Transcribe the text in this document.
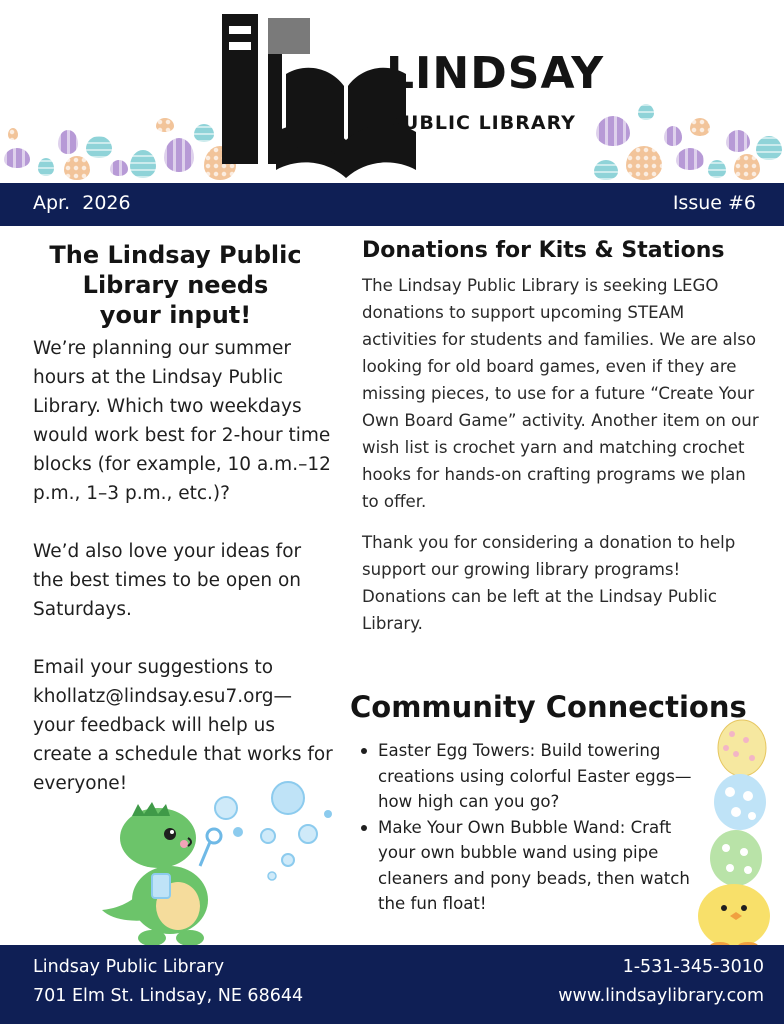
LINDSAY
PUBLIC LIBRARY
Apr.  2026	Issue #6
The Lindsay Public
Library needs
your input!

We’re planning our summer hours at the Lindsay Public Library. Which two weekdays would work best for 2-hour time blocks (for example, 10 a.m.–12 p.m., 1–3 p.m., etc.)?

We’d also love your ideas for the best times to be open on Saturdays.

Email your suggestions to khollatz@lindsay.esu7.org—your feedback will help us create a schedule that works for everyone!

Donations for Kits & Stations

The Lindsay Public Library is seeking LEGO donations to support upcoming STEAM activities for students and families. We are also looking for old board games, even if they are missing pieces, to use for a future “Create Your Own Board Game” activity. Another item on our wish list is crochet yarn and matching crochet hooks for hands-on crafting programs we plan to offer.

Thank you for considering a donation to help support our growing library programs! Donations can be left at the Lindsay Public Library.

Community Connections
Easter Egg Towers: Build towering creations using colorful Easter eggs—how high can you go?
Make Your Own Bubble Wand: Craft your own bubble wand using pipe cleaners and pony beads, then watch the fun float!
Lindsay Public Library
701 Elm St. Lindsay, NE 68644
1-531-345-3010
www.lindsaylibrary.com
